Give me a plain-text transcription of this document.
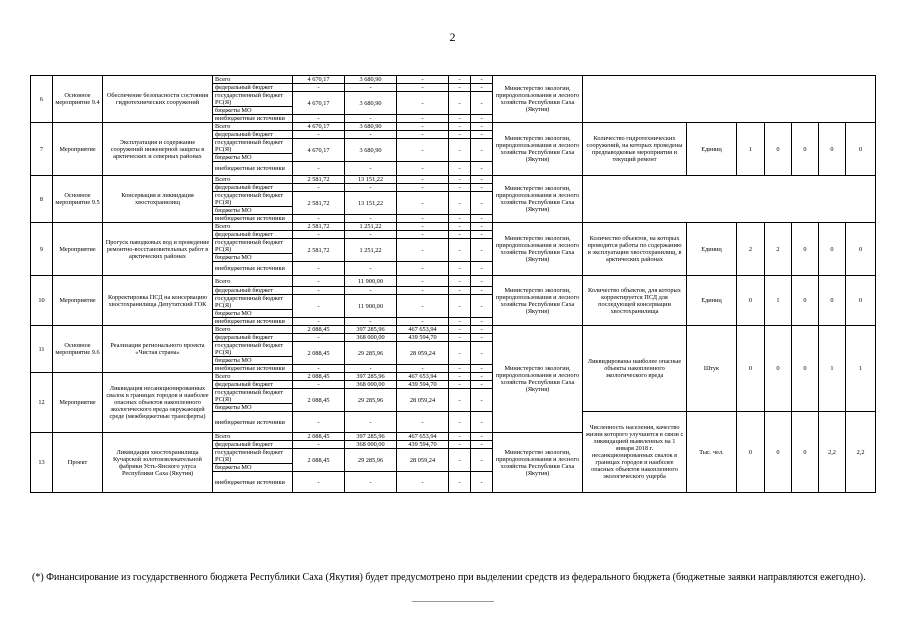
2
6	Основное мероприятие 9.4	Обеспечение безопасности состояния гидротехнических сооружений	Всего	4 670,17	3 680,90	-	-	-	Министерство экологии, природопользования и лесного хозяйства Республики Саха (Якутия)							
			федеральный бюджет	-	-	-	-	-								
			государственный бюджет РС(Я)	4 670,17	3 680,90	-	-	-								
			бюджеты МО													
			внебюджетные источники	-	-	-	-	-								
7	Мероприятие	Эксплуатация и содержание сооружений инженерной защиты в арктических и северных районах	Всего	4 670,17	3 680,90	-	-	-	Министерство экологии, природопользования и лесного хозяйства Республики Саха (Якутия)	Количество гидротехнических сооружений, на которых проведены предпаводковые мероприятия и текущий ремонт	Единиц	1	0	0	0	0
			федеральный бюджет	-	-	-	-	-								
			государственный бюджет РС(Я)	4 670,17	3 680,90	-	-	-								
			бюджеты МО													
			внебюджетные источники	-	-	-	-	-								
8	Основное мероприятие 9.5	Консервация и ликвидация хвостохранилищ	Всего	2 581,72	13 151,22	-	-	-	Министерство экологии, природопользования и лесного хозяйства Республики Саха (Якутия)							
			федеральный бюджет	-	-	-	-	-								
			государственный бюджет РС(Я)	2 581,72	13 151,22	-	-	-								
			бюджеты МО													
			внебюджетные источники	-	-	-	-	-								
9	Мероприятие	Прогуск паводковых вод и проведение ремонтно-восстановительных работ в арктических районах	Всего	2 581,72	1 251,22	-	-	-	Министерство экологии, природопользования и лесного хозяйства Республики Саха (Якутия)	Количество объектов, на которых проводятся работы по содержанию и эксплуатации хвостохранилищ, в арктических районах	Единиц	2	2	0	0	0
			федеральный бюджет	-	-	-	-	-								
			государственный бюджет РС(Я)	2 581,72	1 251,22	-	-	-								
			бюджеты МО													
			внебюджетные источники	-	-	-	-	-								
10	Мероприятие	Корректировка ПСД на консервацию хвостохранилища Депутатский ГОК	Всего	-	11 900,00	-	-	-	Министерство экологии, природопользования и лесного хозяйства Республики Саха (Якутия)	Количество объектов, для которых корректируется ПСД для последующей консервации хвостохранилища	Единиц	0	1	0	0	0
			федеральный бюджет	-	-	-	-	-								
			государственный бюджет РС(Я)	-	11 900,00	-	-	-								
			бюджеты МО													
			внебюджетные источники	-	-	-	-	-								
11	Основное мероприятие 9.6	Реализация регионального проекта «Чистая страна»	Всего	2 088,45	397 285,96	467 653,94	-	-	Министерство экологии, природопользования и лесного хозяйства Республики Саха (Якутия)	Ликвидированы наиболее опасные объекты накопленного экологического вреда	Штук	0	0	0	1	1
			федеральный бюджет	-	368 000,00	439 594,70	-	-								
			государственный бюджет РС(Я)	2 088,45	29 285,96	28 059,24	-	-								
			бюджеты МО													
			внебюджетные источники	-	-	-	-	-								
12	Мероприятие	Ликвидация несанкционированных свалок в границах городов и наиболее опасных объектов накопленного экологического вреда окружающей среде (межбюджетные трансферты)	Всего	2 088,45	397 285,96	467 653,94	-	-								
			федеральный бюджет	-	368 000,00	439 594,70	-	-								
			государственный бюджет РС(Я)	2 088,45	29 285,96	28 059,24	-	-								
			бюджеты МО													
			внебюджетные источники	-	-	-	-	-		Численность населения, качество жизни которого улучшится в связи с ликвидацией выявленных на 1 января 2018 г. несанкционированных свалок в границах городов и наиболее опасных объектов накопленного экологического ущерба	Тыс. чел.	0	0	0	2,2	2,2
13	Проект	Ликвидация хвостохранилища Кучарской золотоизвлекательной фабрики Усть-Янского улуса Республики Саха (Якутия)	Всего	2 088,45	397 285,96	467 653,94	-	-	Министерство экологии, природопользования и лесного хозяйства Республики Саха (Якутия)							
			федеральный бюджет	-	368 000,00	439 594,70	-	-								
			государственный бюджет РС(Я)	2 088,45	29 285,96	28 059,24	-	-								
			бюджеты МО													
			внебюджетные источники	-	-	-	-	-								
(*) Финансирование из государственного бюджета Республики Саха (Якутия) будет предусмотрено при выделении средств из федерального бюджета (бюджетные заявки направляются ежегодно).
